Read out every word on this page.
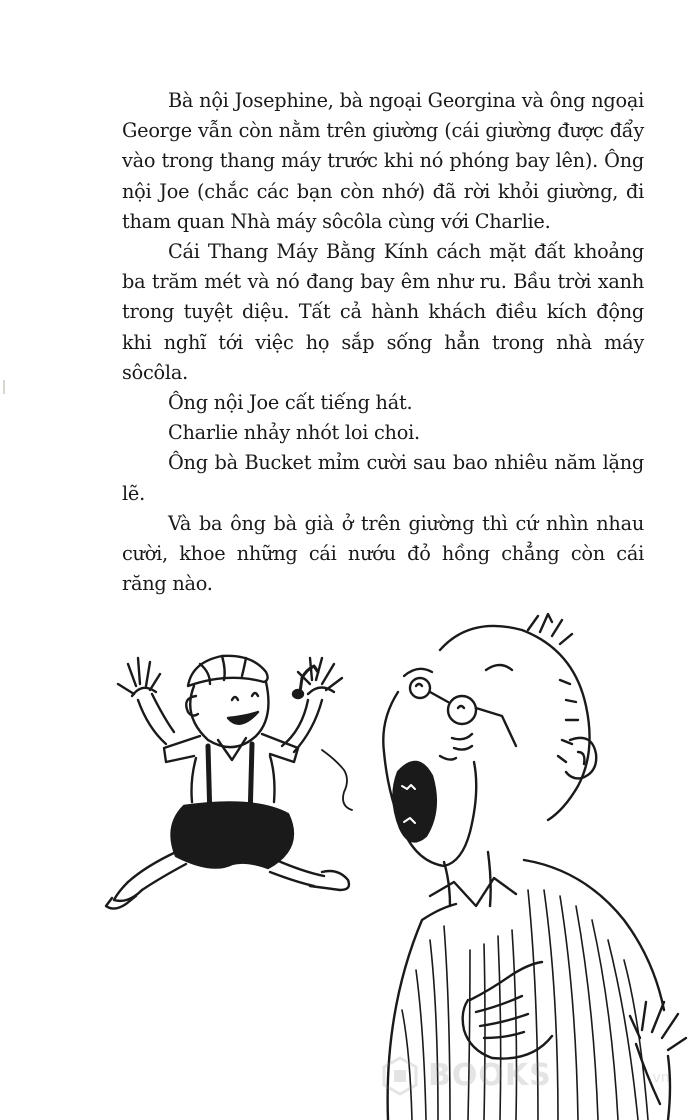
Bà nội Josephine, bà ngoại Georgina và ông ngoại George vẫn còn nằm trên giường (cái giường được đẩy vào trong thang máy trước khi nó phóng bay lên). Ông nội Joe (chắc các bạn còn nhớ) đã rời khỏi giường, đi tham quan Nhà máy sôcôla cùng với Charlie.

Cái Thang Máy Bằng Kính cách mặt đất khoảng ba trăm mét và nó đang bay êm như ru. Bầu trời xanh trong tuyệt diệu. Tất cả hành khách điều kích động khi nghĩ tới việc họ sắp sống hẳn trong nhà máy sôcôla.

Ông nội Joe cất tiếng hát.

Charlie nhảy nhót loi choi.

Ông bà Bucket mỉm cười sau bao nhiêu năm lặng lẽ.

Và ba ông bà già ở trên giường thì cứ nhìn nhau cười, khoe những cái nướu đỏ hồng chẳng còn cái răng nào.

BOOKS	.vn
